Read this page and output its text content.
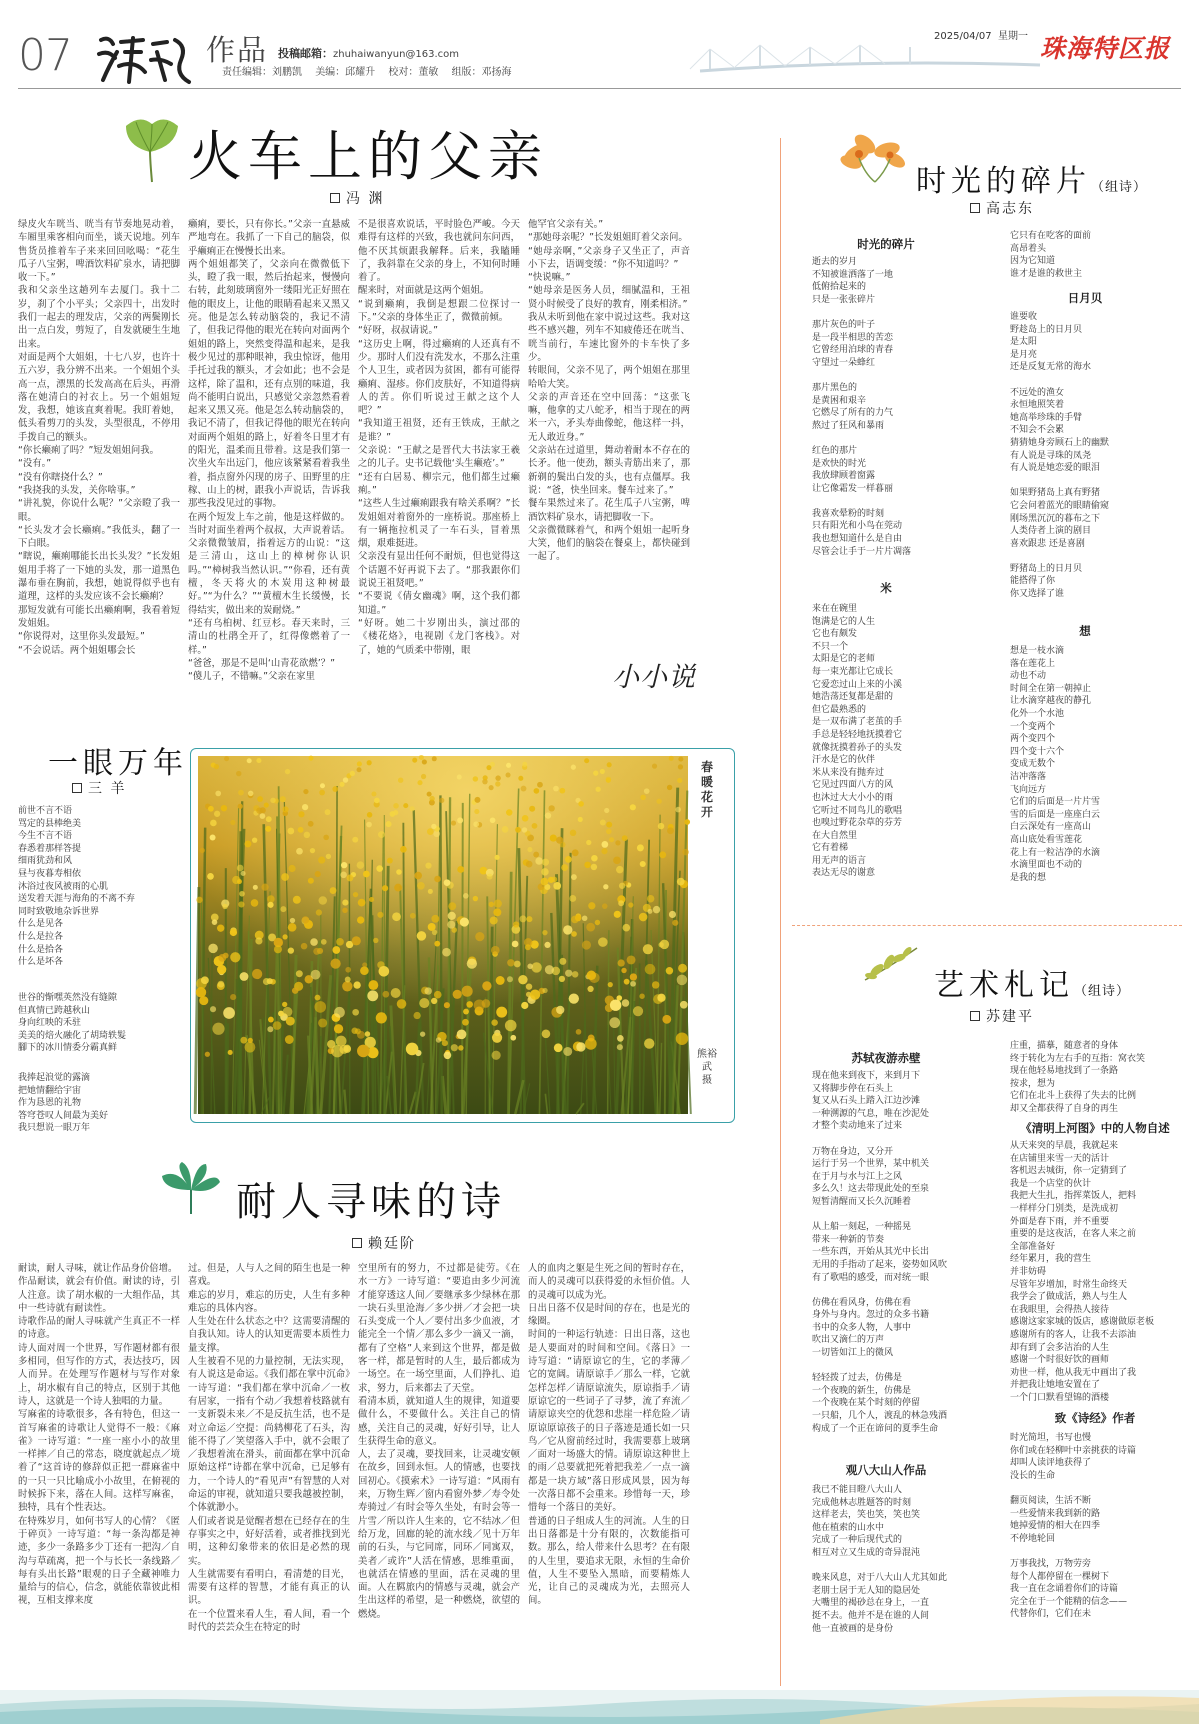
07	作品 投稿邮箱：zhuhaiwanyun@163.com
责任编辑：刘鹏凯 美编：邱耀升 校对：董敏 组版：邓扬海
2025/04/07 星期一 珠海特区报
火车上的父亲
冯 渊
绿皮火车咣当、咣当有节奏地晃动着，车厢里乘客相向而坐，谈天说地。列车售货员推着车子来来回回吆喝：“花生瓜子八宝粥，啤酒饮料矿泉水，请把脚收一下。”
我和父亲坐这趟列车去厦门。我十二岁，刹了个小平头；父亲四十，出发时我们一起去的理发店，父亲的两鬓刚长出一点白发，剪短了，自发就硬生生地出来。
对面是两个大姐姐，十七八岁，也许十五六岁，我分辨不出来。一个姐姐个头高一点，漂黑的长发高高在后头，再滑落在她清白的衬衣上。另一个姐姐短发，我想，她该直爽着呢。我盯着她，低头看剪刀的头发，头型很乱，不停用手拨自己的额头。
“你长癞痢了吗？”短发姐姐问我。
“没有。”
“没有你瞎挠什么？”
“我挠我的头发，关你啥事。”
“讲礼貌，你说什么呢？”父亲瞪了我一眼。
“长头发才会长癞痢。”我低头，翻了一下白眼。
“瞎说，癞痢哪能长出长头发？”长发姐姐用手将了一下她的头发，那一道黑色瀑布垂在胸前，我想，她说得似乎也有道理，这样的头发应该不会长癞痢？
那短发就有可能长出癞痢啊，我看着短发姐姐。
“你说得对，这里你头发最短。”
“不会说话。两个姐姐哪会长
癞痢，要长，只有你长。”父亲一直悬威严地弯在。我抓了一下自己的脑袋，似乎癞痢正在慢慢长出来。
两个姐姐都笑了，父亲向在微微低下头，瞪了我一眼，然后抬起来，慢慢向右转，此刻玻璃窗外一缕阳光正好照在他的眼皮上，让他的眼睛看起来又黑又亮。他是怎么转动脑袋的，我记不清了，但我记得他的眼光在转向对面两个姐姐的路上，突然变得温和起来，是我极少见过的那种眼神，我虫惊讶，他用手托过我的额头，才会如此；也不会是这样，除了温和，还有点别的味道，我尚不能明白说出，只感觉父亲忽然看着起来又黑又亮。他是怎么转动脑袋的，我记不清了，但我记得他的眼光在转向对面两个姐姐的路上，好着冬日里才有的阳光，温柔而且带着。这是我们第一次坐火车出远门，他应该紧紧看着我坐着，指点窗外闪现的房子、田野里的庄稼、山上的树，跟我小声说话，告诉我那些我没见过的事物。
在两个短发上车之前，他是这样做的。当时对面坐着两个叔叔，大声说着话。父亲微微皱眉，指着远方的山说：“这是三清山，这山上的樟树你认识吗。”“樟树我当然认识。”“你看，还有黄檀，冬天将火的木炭用这种树最好。”“为什么？”“黄檀木生长缓慢，长得结实，做出来的炭耐烧。”
“还有乌桕树、红豆杉。春天来时，三清山的杜鹃全开了，红得像燃着了一样。”
“爸爸，那是不是叫‘山青花欲燃’？”
“傻儿子，不错嘛。”父亲在家里
不是很喜欢说话，平时脸色严峻。今天难得有这样的兴致，我也就问东问西，他不厌其烦跟我解释。后来，我瞌睡了，我斜靠在父亲的身上，不知何时睡着了。
醒来时，对面就是这两个姐姐。
“说到癞痢，我倒是想跟二位探讨一下。”父亲的身体坐正了，微微前倾。
“好呀，叔叔请说。”
“这历史上啊，得过癞痢的人还真有不少。那时人们没有洗发水，不那么注重个人卫生，或者因为贫困，都有可能得癞痢、湿疹。你们皮肤好，不知道得病人的苦。你们听说过王献之这个人吧？”
“我知道王祖贤，还有王铁成，王献之是谁？”
父亲说：“王献之是晋代大书法家王羲之的儿子。史书记载他‘头生癞疮’。”
“还有白居易、柳宗元，他们都生过癞痢。”
“这些人生过癞痢跟我有啥关系啊？”长发姐姐对着窗外的一座桥说。那座桥上有一辆拖拉机灵了一车石头，冒着黑烟，艰难挺进。
父亲没有显出任何不耐烦，但也觉得这个话题不好再说下去了。“那我跟你们说说王祖贤吧。”
“不要说《倩女幽魂》啊，这个我们都知道。”
“好呀。她二十岁刚出头，演过邵的《楼花烙》，电视剧《龙门客栈》。对了，她的气质柔中带刚，眼
他罕官父亲有关。”
“那她母亲呢？”长发姐姐盯着父亲问。
“她母亲啊，”父亲身子又坐正了，声音小下去，语调变缓：“你不知道吗？”
“快说嘛。”
“她母亲是医务人员，细腻温和，王祖贤小时候受了良好的教育，刚柔相济。”
我从未听到他在家中说过这些。我对这些不感兴趣，列车不知疲倦还在咣当、咣当前行，车速比窗外的卡车快了多少。
转眼间，父亲不见了，两个姐姐在那里哈哈大笑。
父亲的声音还在空中回荡：“这张飞嘛，他拿的丈八蛇矛，相当于现在的两米一六，矛头寿曲像蛇，他这样一抖，无人敢近身。”
父亲站在过道里，舞动着耐本不存在的长矛。他一使劲，额头青筋出来了，那新剃的鬓出白发的头，也有点僵厚。我说：“爸，快坐回来。餐车过来了。”
餐车果然过来了。花生瓜子八宝粥，啤酒饮料矿泉水，请把脚收一下。
父亲微微眯着气，和两个姐姐一起听身大笑，他们的脑袋在餐桌上，都快碰到一起了。
小小说
一眼万年
三 羊
前世不言不语
骂定的县棒绝美
今生不言不语
春悉着那样答提
细雨犹劲和风
昼与夜暮寿相依
沐浴过夜风被雨的心肌
送发着天涯与海角的不离不弃
同时致敬地杂诉世界
什么是见各
什么是拉各
什么是拾各
什么是坏各
世谷的惭嘿英然没有缝隙
但真情已跨越秋山
身向红映的禾驻
美美的焙火融化了胡琦轶髮
腳下的冰川情委分霸真鲜
我捧起浪觉的露滴
把她情翻给宇宙
作为恳恩的礼物
答穹苍叹人间最为美好
我只想说一眼万年
春暖花开
熊裕武 摄
耐人寻味的诗
赖廷阶
耐读，耐人寻味，就让作品身价倍增。
作品耐读，就会有价值。耐读的诗，引人注意。读了胡水椒的一大组作品，其中一些诗就有耐读性。
诗歌作品的耐人寻味就产生真正不一样的诗意。
诗人面对周一个世界，写作题材都有很多相同，但写作的方式，表达技巧，因人而异。在处理写作题材与写作对象上，胡水椒有自己的特点，区别于其他诗人，这就是一个诗人独唱的力量。
写麻雀的诗歌很多，各有特色，但这一首写麻雀的诗歌让人觉得不一般：《麻雀》一诗写道：“一座一座小小的故里一样摔／自己的常态，晓度就起点／境着了“这首诗的修辞似正把一群麻雀中的一只一只比喻成小小故里，在俯视的时候拆下来，落在人间。这样写麻雀，独特，具有个性表达。
在特殊岁月，如何书写人的心情？《匿于碎页》一诗写道：“每一条沟都是神迹，多少一条路多少丁还有一把沟／自沟与草疏离，把一个与长长一条线路／每有头出长路”眼观的日子全藏神唯力量给与的信心，信念，就能依靠彼此相视，互相支撑来度
过。但是，人与人之间的陌生也是一种喜戏。
难忘的岁月，难忘的历史，人生有多种难忘的具体内容。
人生处在什么状态之中？这需要清醒的自我认知。诗人的认知更需要本质性力量支撑。
人生被看不见的力量控制，无法实现，有人说这是命运。《我们都在掌中沉命》一诗写道：“我们都在掌中沉命／一枚有居家，一指有个动／我想着枝路就有一支新裂未来／不是反抗生活，也不是对立命运／空提：尚鸫柳花了石头，沟能不得了／笑望落入手中，就不会眼了／我想着流在滑头，前面都在掌中沉命原始这样”诗都在掌中沉命，已足够有力，一个诗人的“看见声”有智慧的人对命运的审视，就知道只要我越被控制，个体就渺小。
人们或者说是觉醒者想在已经存在的生存事实之中，好好活着，或者推找到光明，这种幻象带来的依旧是必然的现实。
人生就需要有看明白，看清楚的目光，需要有这样的智慧，才能有真正的认识。
在一个位置来看人生，看人间，看一个时代的芸芸众生在特定的时
空里所有的努力，不过都是徒劳。《在水一方》一诗写道：“要追由多少河流才能穿透这人间／要继承多少绿林在那一块石头里沧海／多少拼／才会把一块石头变成一个人／要付出多少血液，才能完全一个情／那么多少一滴又一滴，都有了空格”人来到这个世界，都是做客一样，都是暂时的人生，最后都成为一场空。在一场空里面，人们挣扎、追求，努力，后来都去了天堂。
看清本质，就知道人生的规律，知道要做什么，不要做什么。关注自己的情感，关注自己的灵魂，好好引导，让人生获得生命的意义。
人，去了灵魂，要找回来，让灵魂安顿在故乡，回到永恒。人的情感，也要找回初心。《摸索术》一诗写道：“风雨有来，万物生辉／窗内看窗外梦／寿令处寿骑过／有时会等久坐处，有时会等一片雪／所以许人生来的，它不结冰／但给万龙，回廊的轮的流水线／见十万年前的石头，与它同席，同环／同寓双，美者／或许”人活在情感，思维重面，也就活在情感的里面，活在灵魂的里面。人在羁旅内的情感与灵魂，就会产生出这样的希望，是一种燃烧，欲望的燃烧。
人的血肉之躯是生死之间的暂时存在，而人的灵魂可以获得爱的永恒价值。人的灵魂可以成为光。
日出日落不仅是时间的存在，也是光的缘圈。
时间的一种运行轨迹：日出日落，这也是人要面对的时间和空间。《落日》一诗写道：“请原谅它的生，它的孝薄／它的宽阔。请原谅手／那么一样，它就怎样怎样／请原谅流失，原谅指手／请原谅它的一些词子了寻梦，流了弃流／请原谅夹空的优怨和悲崖一样危险／请原谅原谅孩子的日子落迹是通长如一只鸟／它从窗前经过时，我需要慕上玻璃／面对一场盛大的情。请原谅这种世上的雨／总要就把死着把我差／一点一滴都是一块方域”落日形成风景，因为每一次落日都不会重来。珍惜每一天，珍惜每一个落日的美好。
普通的日子组成人生的河流。人生的日出日落都是十分有限的，次数能指可数。那么，给人带来什么思考？在有限的人生里，要追求无限，永恒的生命价值，人生不要坠入黑暗，而要精炼人光，让自己的灵魂成为光，去照亮人间。
时光的碎片（组诗）
高志东
时光的碎片
逝去的岁月
不知被谁洒落了一地
低俯拾起来的
只是一张张碎片

那片灰色的叶子
是一段半相思的苦恋
它曾经用泊球的青春
守望过一朵蜂红

那片黑色的
是黄困和艰辛
它燃尽了所有的力气
熬过了狂风和暴雨

红色的那片
是欢快的时光
我放肆顾着窗露
让它像霜发一样暮丽

我喜欢晕粉的时刻
只有阳光和小鸟在莞动
我也想知道什么是自由
尽管会让手于一片片凋落
米
来在在碗里
饱满是它的人生
它也有颇发
不只一个
太阳是它的老师
每一束光都让它成长
它爱恋过山上来的小溪
她浩荡还复都是甜的
但它最熟悉的
是一双布满了老茧的手
手总是轻轻地抚摸着它
就像抚摸着孙子的头发
汗水是它的伙伴
米从来没有抛弃过
它见过四面八方的风
也沐过大大小小的雨
它听过不同鸟儿的歌唱
也嗅过野花杂草的芬芳
在大自然里
它有着梯
用无声的语言
表达无尽的谢意
它只有在吃客的面前
高昂着头
因为它知道
谁才是谁的救世主
日月贝
谁要收
野趁岛上的日月贝
是太阳
是月亮
还是反复无常的海水

不远处的渔女
永恒地照笑着
她高举珍珠的手臂
不知会不会累
猜猜她身旁顾石上的幽默
有人说是寻珠的凤尧
有人说是她恋爱的眼泪

如果野猪岛上真有野猪
它会问着蓝光的眼睛偷窥
刚场黑沉沉的暮布之下
人类侍者上演的剧目
喜欢跟悲 还是喜剧

野猪岛上的日月贝
能搭得了你
你又选择了谁
想
想是一枝水滴
落在莲花上
动也不动
时间全在第一朝掉止
让水滴穿越夜的静孔
化外一个水池
一个变两个
两个变四个
四个变十六个
变成无数个
洁冲落落
飞向远方
它们的后面是一片片雪
雪的后面是一座座白云
白云深处有一座高山
高山底处看雪莲花
花上有一粒洁净的水滴
水滴里面也不动的
是我的想
艺术札记（组诗）
苏建平
苏轼夜游赤壁
现在他来到夜下，来到月下
又将脚步停在石头上
复又从石头上踏入江边沙滩
一种溯源的气息，唯在沙泥处
才整个卖动地来了过来

万物在身边，又分开
运行于另一个世界，某中机关
在于月与水与江上之风
多么久！这去带现此处的至泉
短暂清醒而又长久沉睡着

从上船一刻起，一种摇晃
带来一种新的节奏
一些东西，开始从其光中长出
无用的手指动了起来，姿势如风吹
有了歌唱的感受，而对统一眼

仿佛在看风身，仿佛在看
身外与身内。忽过的众多书籍
书中的众多人物，人事中
吹出又滴仁的万声
一切皆如江上的微风

轻轻拨了过去，仿佛是
一个夜晚的新生，仿佛是
一个夜晚在某个时刻的停留
一只船，几个人，渡乱的林急残酒
构成了一个正在谛问的夏季生命
观八大山人作品
我已不能目瞪八大山人
完成他林志胜题答的时刻
这样老去，笑也笑，笑也笑
他在植索的山水中
完成了一种后现代式的
相互对立又生成的奇异混沌

晚来风息，对于八大山人尤其如此
老朋士居于无人知的隐居处
大嘴里的褐砂总在身上，一直
挺不去。他并不是在谁的人间
他一直被画的是身份
庄重，描摹，随意者的身体
终于转化为左右手的互指：窝衣笑
现在他轻易地找到了一条路
按求，想为
它们在北斗上获得了失去的比例
却又全都获得了自身的再生
《清明上河图》中的人物自述
从天来突的早晨，我就起来
在店铺里来雪一天的活计
客机迟去城街，你一定猜到了
我是一个店堂的伙计
我把大生扎，指挥菜饭人，把料
一样样分门别类，是洗成初
外面是春下雨，并不重要
重要的是这夜活，在客人来之前
全部准备好
经年累月，我的营生
并非妨碍
尽管年岁增加，时常生命终天
我学会了做成活，熟人与生人
在我眼里，会得热人接待
感谢这家家城的饭店，感谢做原老板
感谢所有的客人，让我不去添油
却有到了会多洁治的人生
感谢一个时很好饮的画师
劝世一样，他从我无中画出了我
并把我让她地安置在了
一个门口默看望锦的酒楼
致《诗经》作者
时光简坦，书写也慢
你们或在轻柳叶中亲挑获的诗篇
却叫人读评地获得了
没长的生命

翻页阅读，生活不断
一些爱情来我到新的路
她掉爱情的相大在四季
不停地轮回

万事我找，万物劳旁
每个人都停留在一棵树下
我一直在念诵着你们的诗篇
完全在于一个能精的信念——
代替你们，它们在未
